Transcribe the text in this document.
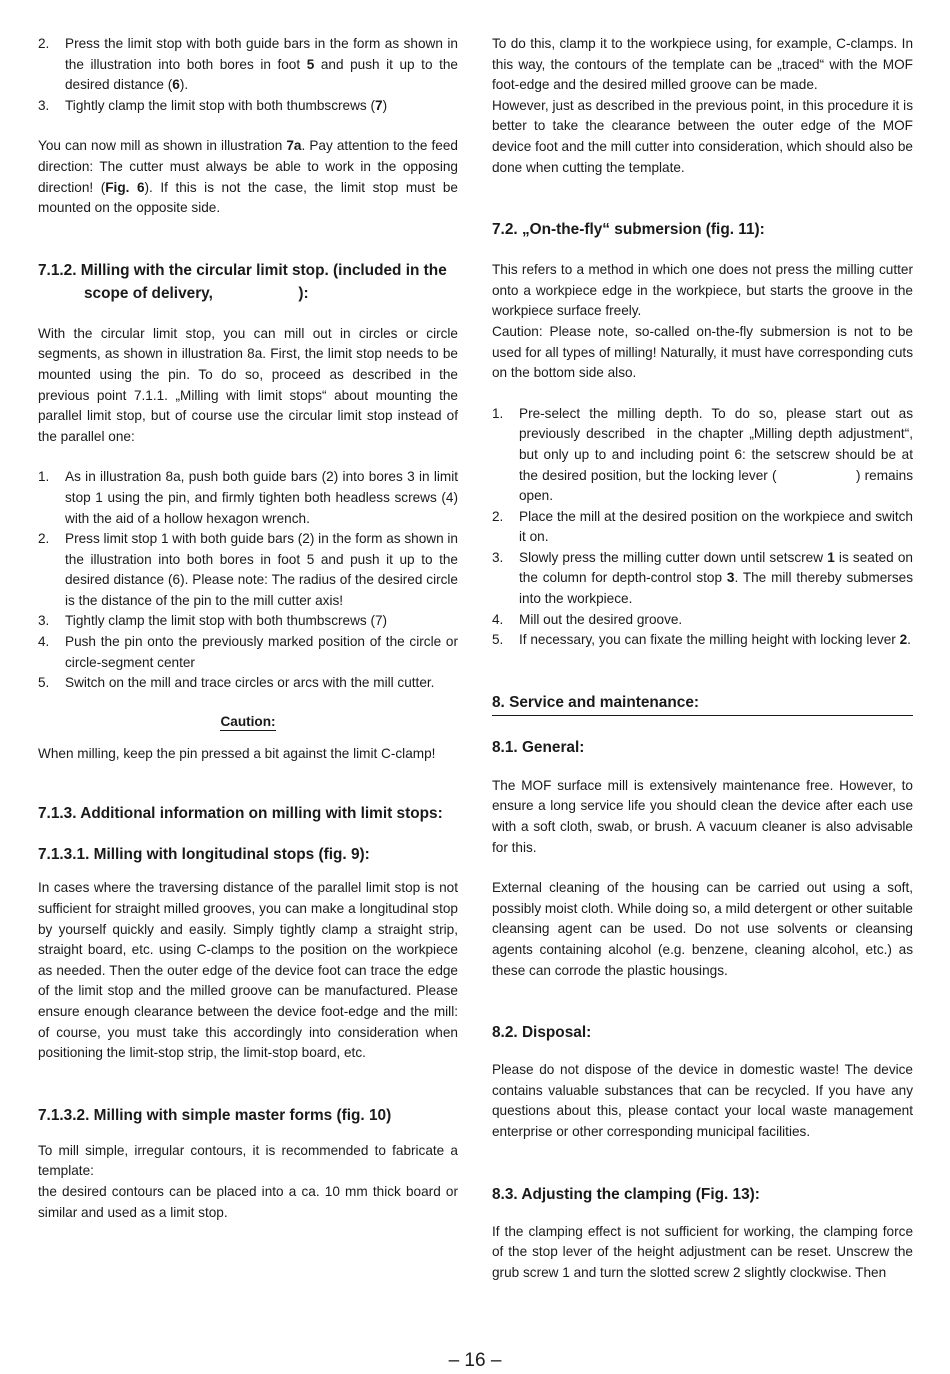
2. Press the limit stop with both guide bars in the form as shown in the illustration into both bores in foot 5 and push it up to the desired distance (6).
3. Tightly clamp the limit stop with both thumbscrews (7)

You can now mill as shown in illustration 7a. Pay attention to the feed direction: The cutter must always be able to work in the opposing direction! (Fig. 6). If this is not the case, the limit stop must be mounted on the opposite side.

7.1.2. Milling with the circular limit stop. (included in the scope of delivery,                    ):

With the circular limit stop, you can mill out in circles or circle segments, as shown in illustration 8a. First, the limit stop needs to be mounted using the pin. To do so, proceed as described in the previous point 7.1.1. „Milling with limit stops“ about mounting the parallel limit stop, but of course use the circular limit stop instead of the parallel one:

1. As in illustration 8a, push both guide bars (2) into bores 3 in limit stop 1 using the pin, and firmly tighten both headless screws (4) with the aid of a hollow hexagon wrench.
2. Press limit stop 1 with both guide bars (2) in the form as shown in the illustration into both bores in foot 5 and push it up to the desired distance (6). Please note: The radius of the desired circle is the distance of the pin to the mill cutter axis!
3. Tightly clamp the limit stop with both thumbscrews (7)
4. Push the pin onto the previously marked position of the circle or circle-segment center
5. Switch on the mill and trace circles or arcs with the mill cutter.
Caution:

When milling, keep the pin pressed a bit against the limit C-clamp!

7.1.3. Additional information on milling with limit stops:
7.1.3.1. Milling with longitudinal stops (fig. 9):

In cases where the traversing distance of the parallel limit stop is not sufficient for straight milled grooves, you can make a longitudinal stop by yourself quickly and easily. Simply tightly clamp a straight strip, straight board, etc. using C-clamps to the position on the workpiece as needed. Then the outer edge of the device foot can trace the edge of the limit stop and the milled groove can be manufactured. Please ensure enough clearance between the device foot-edge and the mill: of course, you must take this accordingly into consideration when positioning the limit-stop strip, the limit-stop board, etc.

7.1.3.2. Milling with simple master forms (fig. 10)

To mill simple, irregular contours, it is recommended to fabricate a template:

the desired contours can be placed into a ca. 10 mm thick board or similar and used as a limit stop.

To do this, clamp it to the workpiece using, for example, C-clamps. In this way, the contours of the template can be „traced“ with the MOF foot-edge and the desired milled groove can be made.

However, just as described in the previous point, in this procedure it is better to take the clearance between the outer edge of the MOF device foot and the mill cutter into consideration, which should also be done when cutting the template.

7.2. „On-the-fly“ submersion (fig. 11):

This refers to a method in which one does not press the milling cutter onto a workpiece edge in the workpiece, but starts the groove in the workpiece surface freely.

Caution: Please note, so-called on-the-fly submersion is not to be used for all types of milling! Naturally, it must have corresponding cuts on the bottom side also.

1. Pre-select the milling depth. To do so, please start out as previously described  in the chapter „Milling depth adjustment“, but only up to and including point 6: the setscrew should be at the desired position, but the locking lever (                   ) remains open.
2. Place the mill at the desired position on the workpiece and switch it on.
3. Slowly press the milling cutter down until setscrew 1 is seated on the column for depth-control stop 3. The mill thereby submerses into the workpiece.
4. Mill out the desired groove.
5. If necessary, you can fixate the milling height with locking lever 2.
8. Service and maintenance:
8.1. General:

The MOF surface mill is extensively maintenance free. However, to ensure a long service life you should clean the device after each use with a soft cloth, swab, or brush. A vacuum cleaner is also advisable for this.

External cleaning of the housing can be carried out using a soft, possibly moist cloth. While doing so, a mild detergent or other suitable cleansing agent can be used. Do not use solvents or cleansing agents containing alcohol (e.g. benzene, cleaning alcohol, etc.) as these can corrode the plastic housings.

8.2. Disposal:

Please do not dispose of the device in domestic waste! The device contains valuable substances that can be recycled. If you have any questions about this, please contact your local waste management enterprise or other corresponding municipal facilities.

8.3. Adjusting the clamping (Fig. 13):

If the clamping effect is not sufficient for working, the clamping force of the stop lever of the height adjustment can be reset. Unscrew the grub screw 1 and turn the slotted screw 2 slightly clockwise. Then

– 16 –
